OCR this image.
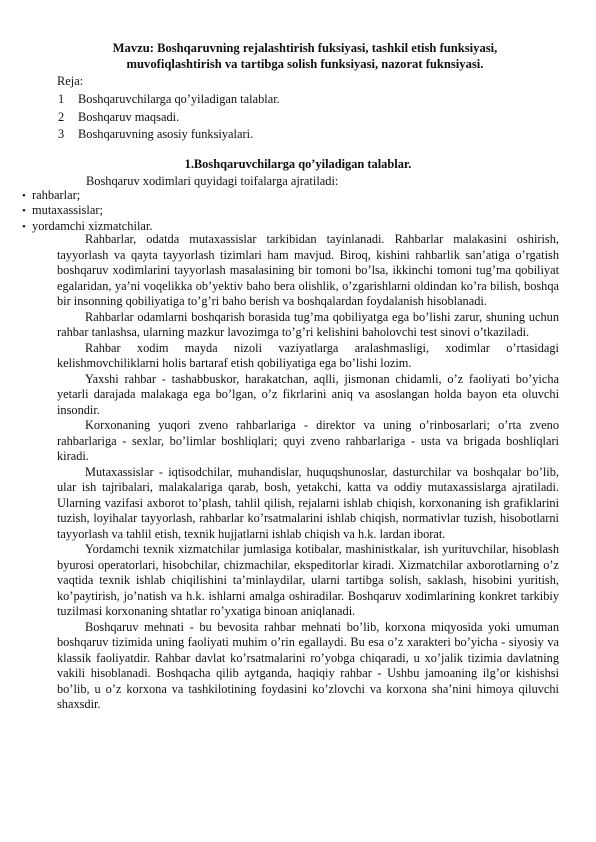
Mavzu: Boshqaruvning rejalashtirish fuksiyasi, tashkil etish funksiyasi, muvofiqlashtirish va tartibga solish funksiyasi, nazorat fuknsiyasi.
Reja:
1 Boshqaruvchilarga qo’yiladigan talablar.
2 Boshqaruv maqsadi.
3 Boshqaruvning asosiy funksiyalari.
1.Boshqaruvchilarga qo’yiladigan talablar.
Boshqaruv xodimlari quyidagi toifalarga ajratiladi:
• rahbarlar;
• mutaxassislar;
• yordamchi xizmatchilar.

Rahbarlar, odatda mutaxassislar tarkibidan tayinlanadi. Rahbarlar malakasini oshirish, tayyorlash va qayta tayyorlash tizimlari ham mavjud. Biroq, kishini rahbarlik san’atiga o’rgatish boshqaruv xodimlarini tayyorlash masalasining bir tomoni bo’lsa, ikkinchi tomoni tug’ma qobiliyat egalaridan, ya’ni voqelikka ob’yektiv baho bera olishlik, o’zgarishlarni oldindan ko’ra bilish, boshqa bir insonning qobiliyatiga to’g’ri baho berish va boshqalardan foydalanish hisoblanadi.

Rahbarlar odamlarni boshqarish borasida tug’ma qobiliyatga ega bo’lishi zarur, shuning uchun rahbar tanlashsa, ularning mazkur lavozimga to’g’ri kelishini baholovchi test sinovi o’tkaziladi.

Rahbar xodim mayda nizoli vaziyatlarga aralashmasligi, xodimlar o’rtasidagi kelishmovchiliklarni holis bartaraf etish qobiliyatiga ega bo’lishi lozim.

Yaxshi rahbar - tashabbuskor, harakatchan, aqlli, jismonan chidamli, o’z faoliyati bo’yicha yetarli darajada malakaga ega bo’lgan, o’z fikrlarini aniq va asoslangan holda bayon eta oluvchi insondir.

Korxonaning yuqori zveno rahbarlariga - direktor va uning o’rinbosarlari; o’rta zveno rahbarlariga - sexlar, bo’limlar boshliqlari; quyi zveno rahbarlariga - usta va brigada boshliqlari kiradi.

Mutaxassislar - iqtisodchilar, muhandislar, huquqshunoslar, dasturchilar va boshqalar bo’lib, ular ish tajribalari, malakalariga qarab, bosh, yetakchi, katta va oddiy mutaxassislarga ajratiladi. Ularning vazifasi axborot to’plash, tahlil qilish, rejalarni ishlab chiqish, korxonaning ish grafiklarini tuzish, loyihalar tayyorlash, rahbarlar ko’rsatmalarini ishlab chiqish, normativlar tuzish, hisobotlarni tayyorlash va tahlil etish, texnik hujjatlarni ishlab chiqish va h.k. lardan iborat.

Yordamchi texnik xizmatchilar jumlasiga kotibalar, mashinistkalar, ish yurituvchilar, hisoblash byurosi operatorlari, hisobchilar, chizmachilar, ekspeditorlar kiradi. Xizmatchilar axborotlarning o’z vaqtida texnik ishlab chiqilishini ta’minlaydilar, ularni tartibga solish, saklash, hisobini yuritish, ko’paytirish, jo’natish va h.k. ishlarni amalga oshiradilar. Boshqaruv xodimlarining konkret tarkibiy tuzilmasi korxonaning shtatlar ro’yxatiga binoan aniqlanadi.

Boshqaruv mehnati - bu bevosita rahbar mehnati bo’lib, korxona miqyosida yoki umuman boshqaruv tizimida uning faoliyati muhim o’rin egallaydi. Bu esa o’z xarakteri bo’yicha - siyosiy va klassik faoliyatdir. Rahbar davlat ko’rsatmalarini ro’yobga chiqaradi, u xo’jalik tizimia davlatning vakili hisoblanadi. Boshqacha qilib aytganda, haqiqiy rahbar - Ushbu jamoaning ilg’or kishishsi bo’lib, u o’z korxona va tashkilotining foydasini ko’zlovchi va korxona sha’nini himoya qiluvchi shaxsdir.
